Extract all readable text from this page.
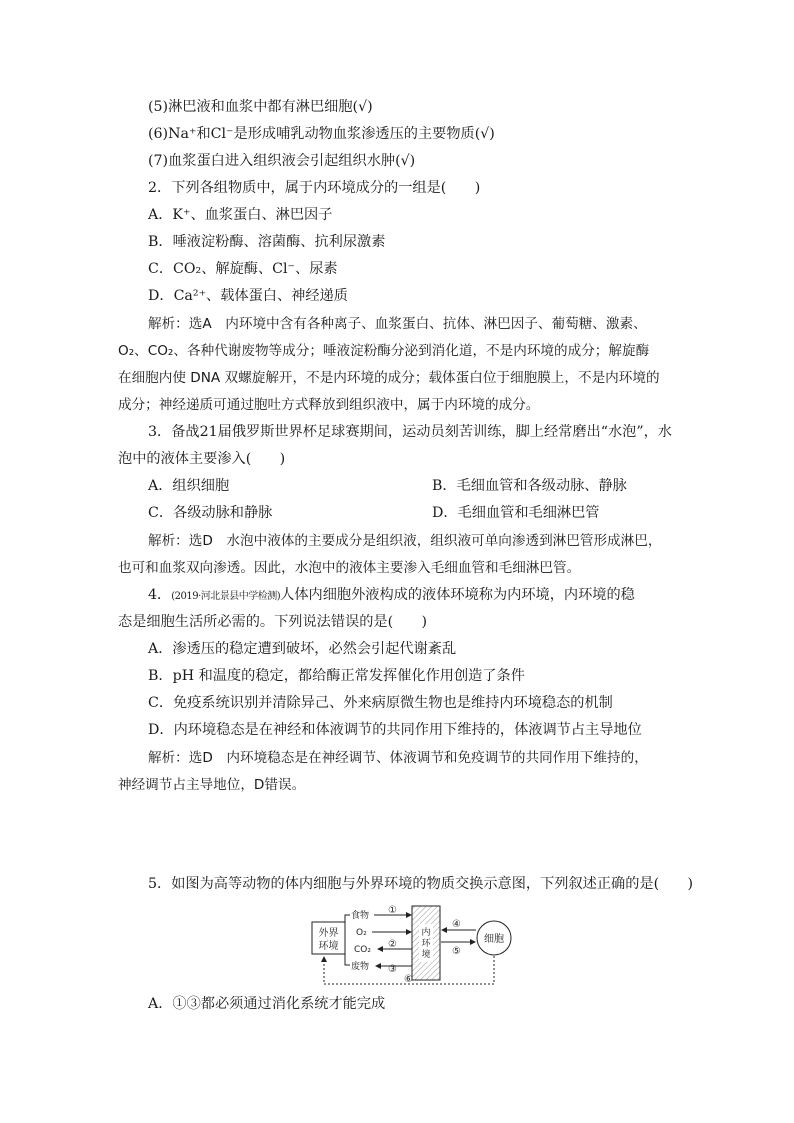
(5)淋巴液和血浆中都有淋巴细胞(√)
(6)Na⁺和Cl⁻是形成哺乳动物血浆渗透压的主要物质(√)
(7)血浆蛋白进入组织液会引起组织水肿(√)
2．下列各组物质中，属于内环境成分的一组是(　　)
A．K⁺、血浆蛋白、淋巴因子
B．唾液淀粉酶、溶菌酶、抗利尿激素
C．CO₂、解旋酶、Cl⁻、尿素
D．Ca²⁺、载体蛋白、神经递质
解析：选A　内环境中含有各种离子、血浆蛋白、抗体、淋巴因子、葡萄糖、激素、
O₂、CO₂、各种代谢废物等成分；唾液淀粉酶分泌到消化道，不是内环境的成分；解旋酶
在细胞内使 DNA 双螺旋解开，不是内环境的成分；载体蛋白位于细胞膜上，不是内环境的
成分；神经递质可通过胞吐方式释放到组织液中，属于内环境的成分。
3．备战21届俄罗斯世界杯足球赛期间，运动员刻苦训练，脚上经常磨出“水泡”，水
泡中的液体主要渗入(　　)
A．组织细胞	B．毛细血管和各级动脉、静脉
C．各级动脉和静脉	D．毛细血管和毛细淋巴管
解析：选D　水泡中液体的主要成分是组织液，组织液可单向渗透到淋巴管形成淋巴，
也可和血浆双向渗透。因此，水泡中的液体主要渗入毛细血管和毛细淋巴管。
4．(2019·河北景县中学检测)人体内细胞外液构成的液体环境称为内环境，内环境的稳
态是细胞生活所必需的。下列说法错误的是(　　)
A．渗透压的稳定遭到破坏，必然会引起代谢紊乱
B．pH 和温度的稳定，都给酶正常发挥催化作用创造了条件
C．免疫系统识别并清除异己、外来病原微生物也是维持内环境稳态的机制
D．内环境稳态是在神经和体液调节的共同作用下维持的，体液调节占主导地位
解析：选D　内环境稳态是在神经调节、体液调节和免疫调节的共同作用下维持的，
神经调节占主导地位，D错误。
5．如图为高等动物的体内细胞与外界环境的物质交换示意图，下列叙述正确的是(　　)
外界
环境
内
环
境
食物
O₂
CO₂
废物
①
②
③
细胞
④
⑤
⑥
A．①③都必须通过消化系统才能完成
